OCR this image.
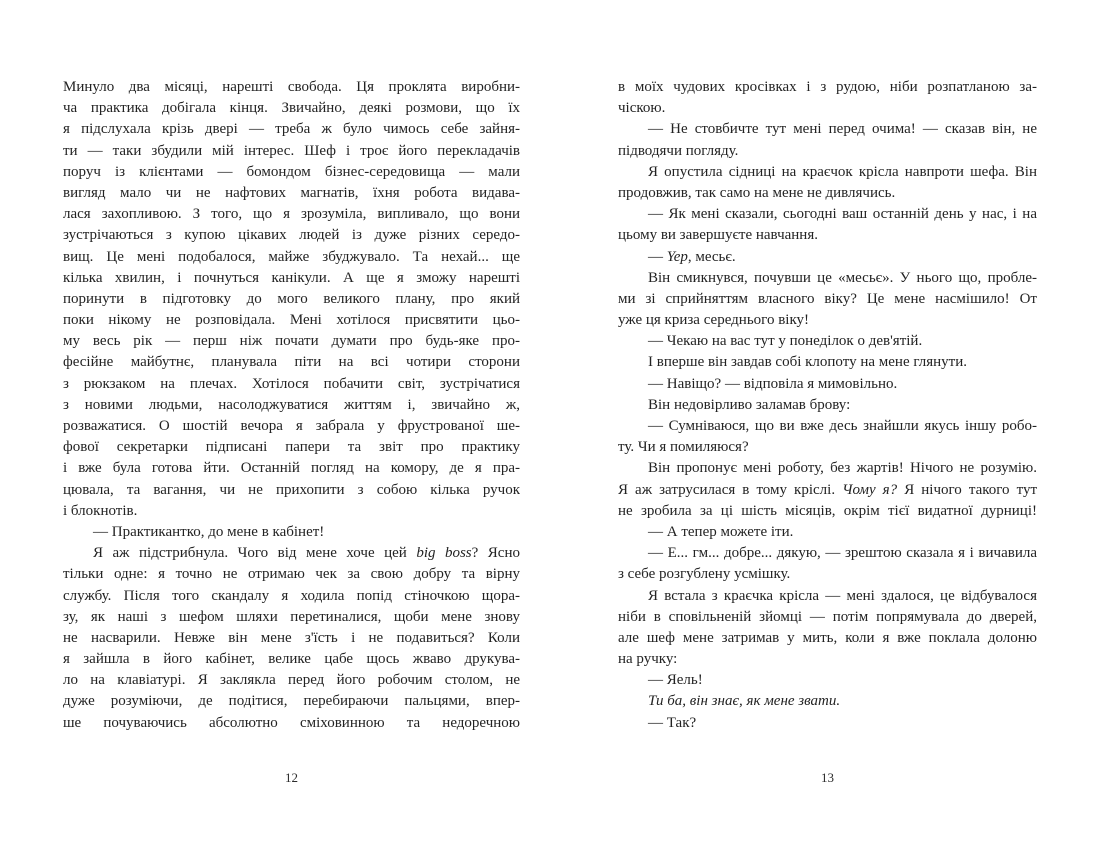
Минуло два місяці, нарешті свобода. Ця проклята виробни-
ча практика добігала кінця. Звичайно, деякі розмови, що їх
я підслухала крізь двері — треба ж було чимось себе зайня-
ти — таки збудили мій інтерес. Шеф і троє його перекладачів
поруч із клієнтами — бомондом бізнес-середовища — мали
вигляд мало чи не нафтових магнатів, їхня робота видава-
лася захопливою. З того, що я зрозуміла, випливало, що вони
зустрічаються з купою цікавих людей із дуже різних середо-
вищ. Це мені подобалося, майже збуджувало. Та нехай... ще
кілька хвилин, і почнуться канікули. А ще я зможу нарешті
поринути в підготовку до мого великого плану, про який
поки нікому не розповідала. Мені хотілося присвятити цьо-
му весь рік — перш ніж почати думати про будь-яке про-
фесійне майбутнє, планувала піти на всі чотири сторони
з рюкзаком на плечах. Хотілося побачити світ, зустрічатися
з новими людьми, насолоджуватися життям і, звичайно ж,
розважатися. О шостій вечора я забрала у фрустрованої ше-
фової секретарки підписані папери та звіт про практику
і вже була готова йти. Останній погляд на комору, де я пра-
цювала, та вагання, чи не прихопити з собою кілька ручок
і блокнотів.
— Практикантко, до мене в кабінет!
Я аж підстрибнула. Чого від мене хоче цей big boss? Ясно
тільки одне: я точно не отримаю чек за свою добру та вірну
службу. Після того скандалу я ходила попід стіночкою щора-
зу, як наші з шефом шляхи перетиналися, щоби мене знову
не насварили. Невже він мене з'їсть і не подавиться? Коли
я зайшла в його кабінет, велике цабе щось жваво друкува-
ло на клавіатурі. Я заклякла перед його робочим столом, не
дуже розуміючи, де подітися, перебираючи пальцями, впер-
ше почуваючись абсолютно сміховинною та недоречною
в моїх чудових кросівках і з рудою, ніби розпатланою за-
чіскою.
— Не стовбичте тут мені перед очима! — сказав він, не
підводячи погляду.
Я опустила сідниці на краєчок крісла навпроти шефа. Він
продовжив, так само на мене не дивлячись.
— Як мені сказали, сьогодні ваш останній день у нас, і на
цьому ви завершуєте навчання.
— Yep, месьє.
Він смикнувся, почувши це «месьє». У нього що, пробле-
ми зі сприйняттям власного віку? Це мене насмішило! От
уже ця криза середнього віку!
— Чекаю на вас тут у понеділок о дев'ятій.
І вперше він завдав собі клопоту на мене глянути.
— Навіщо? — відповіла я мимовільно.
Він недовірливо заламав брову:
— Сумніваюся, що ви вже десь знайшли якусь іншу робо-
ту. Чи я помиляюся?
Він пропонує мені роботу, без жартів! Нічого не розумію.
Я аж затрусилася в тому кріслі. Чому я? Я нічого такого тут
не зробила за ці шість місяців, окрім тієї видатної дурниці!
— А тепер можете іти.
— Е... гм... добре... дякую, — зрештою сказала я і вичавила
з себе розгублену усмішку.
Я встала з краєчка крісла — мені здалося, це відбувалося
ніби в сповільненій зйомці — потім попрямувала до дверей,
але шеф мене затримав у мить, коли я вже поклала долоню
на ручку:
— Яель!
Ти ба, він знає, як мене звати.
— Так?
12	13
